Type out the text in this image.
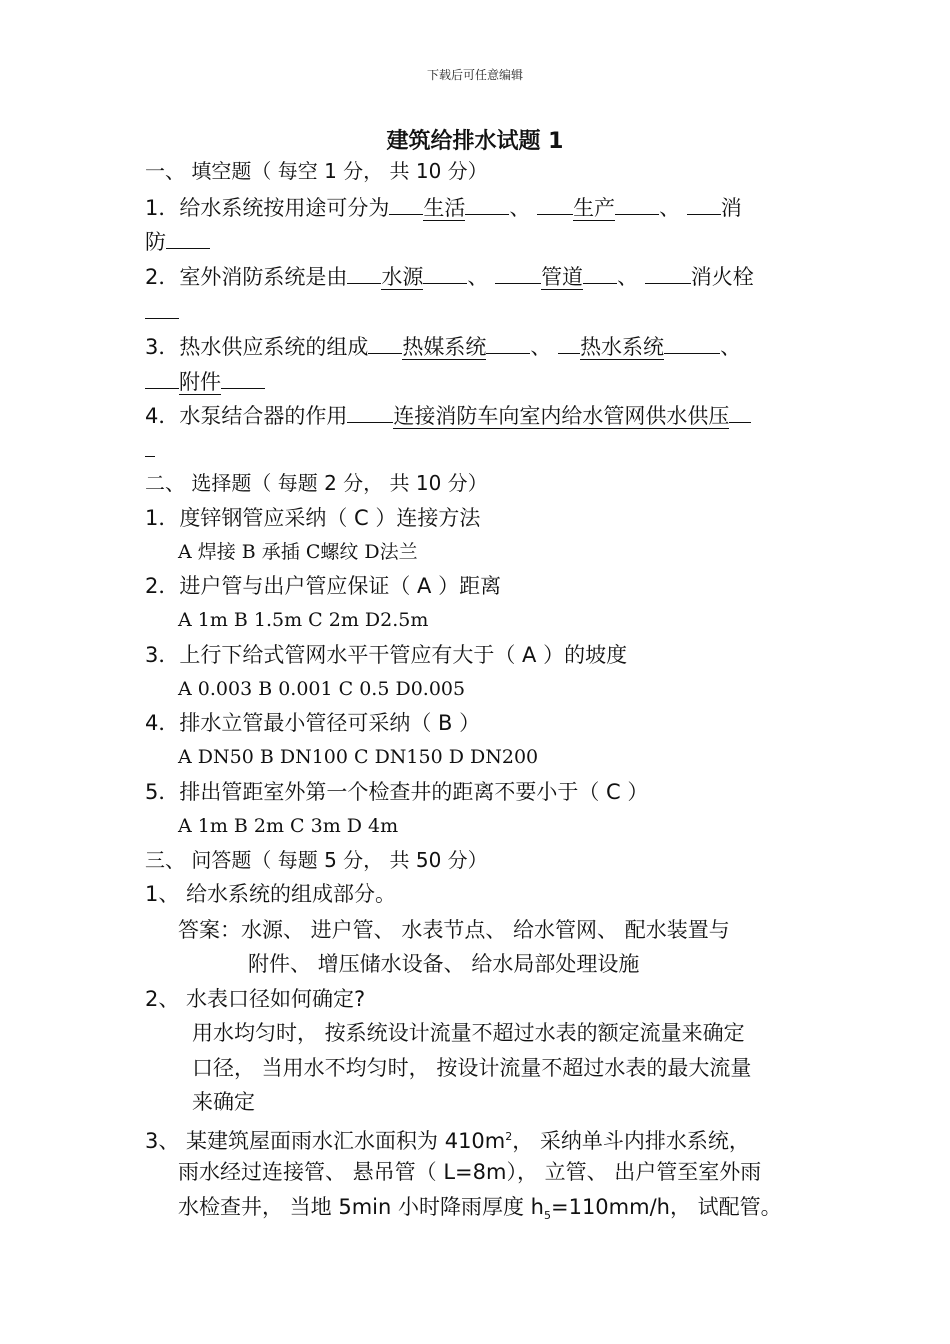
下载后可任意编辑
建筑给排水试题 1
一、 填空题（ 每空 1 分， 共 10 分）
1．给水系统按用途可分为 生活 、 生产 、 消
防
2．室外消防系统是由 水源 、 管道 、 消火栓
3．热水供应系统的组成 热媒系统 、 热水系统	、
附件
4．水泵结合器的作用 连接消防车向室内给水管网供水供压
二、 选择题（ 每题 2 分， 共 10 分）
1．度锌钢管应采纳（ C ）连接方法
A 焊接 B 承插 C螺纹 D法兰
2．进户管与出户管应保证（ A ）距离
A 1m B 1.5m C 2m D2.5m
3．上行下给式管网水平干管应有大于（ A ）的坡度
A 0.003 B 0.001 C 0.5 D0.005
4．排水立管最小管径可采纳（ B ）
A DN50 B DN100 C DN150 D DN200
5．排出管距室外第一个检查井的距离不要小于（ C ）
A 1m B 2m C 3m D 4m
三、 问答题（ 每题 5 分， 共 50 分）
1、 给水系统的组成部分。
答案：水源、 进户管、 水表节点、 给水管网、 配水装置与
附件、 增压储水设备、 给水局部处理设施
2、 水表口径如何确定?
用水均匀时， 按系统设计流量不超过水表的额定流量来确定
口径， 当用水不均匀时， 按设计流量不超过水表的最大流量
来确定
3、 某建筑屋面雨水汇水面积为 $410m^2$， 采纳单斗内排水系统，
雨水经过连接管、 悬吊管（ L=8m）， 立管、 出户管至室外雨
水检查井， 当地 5min 小时降雨厚度 $h_5=110mm/h$， 试配管。
